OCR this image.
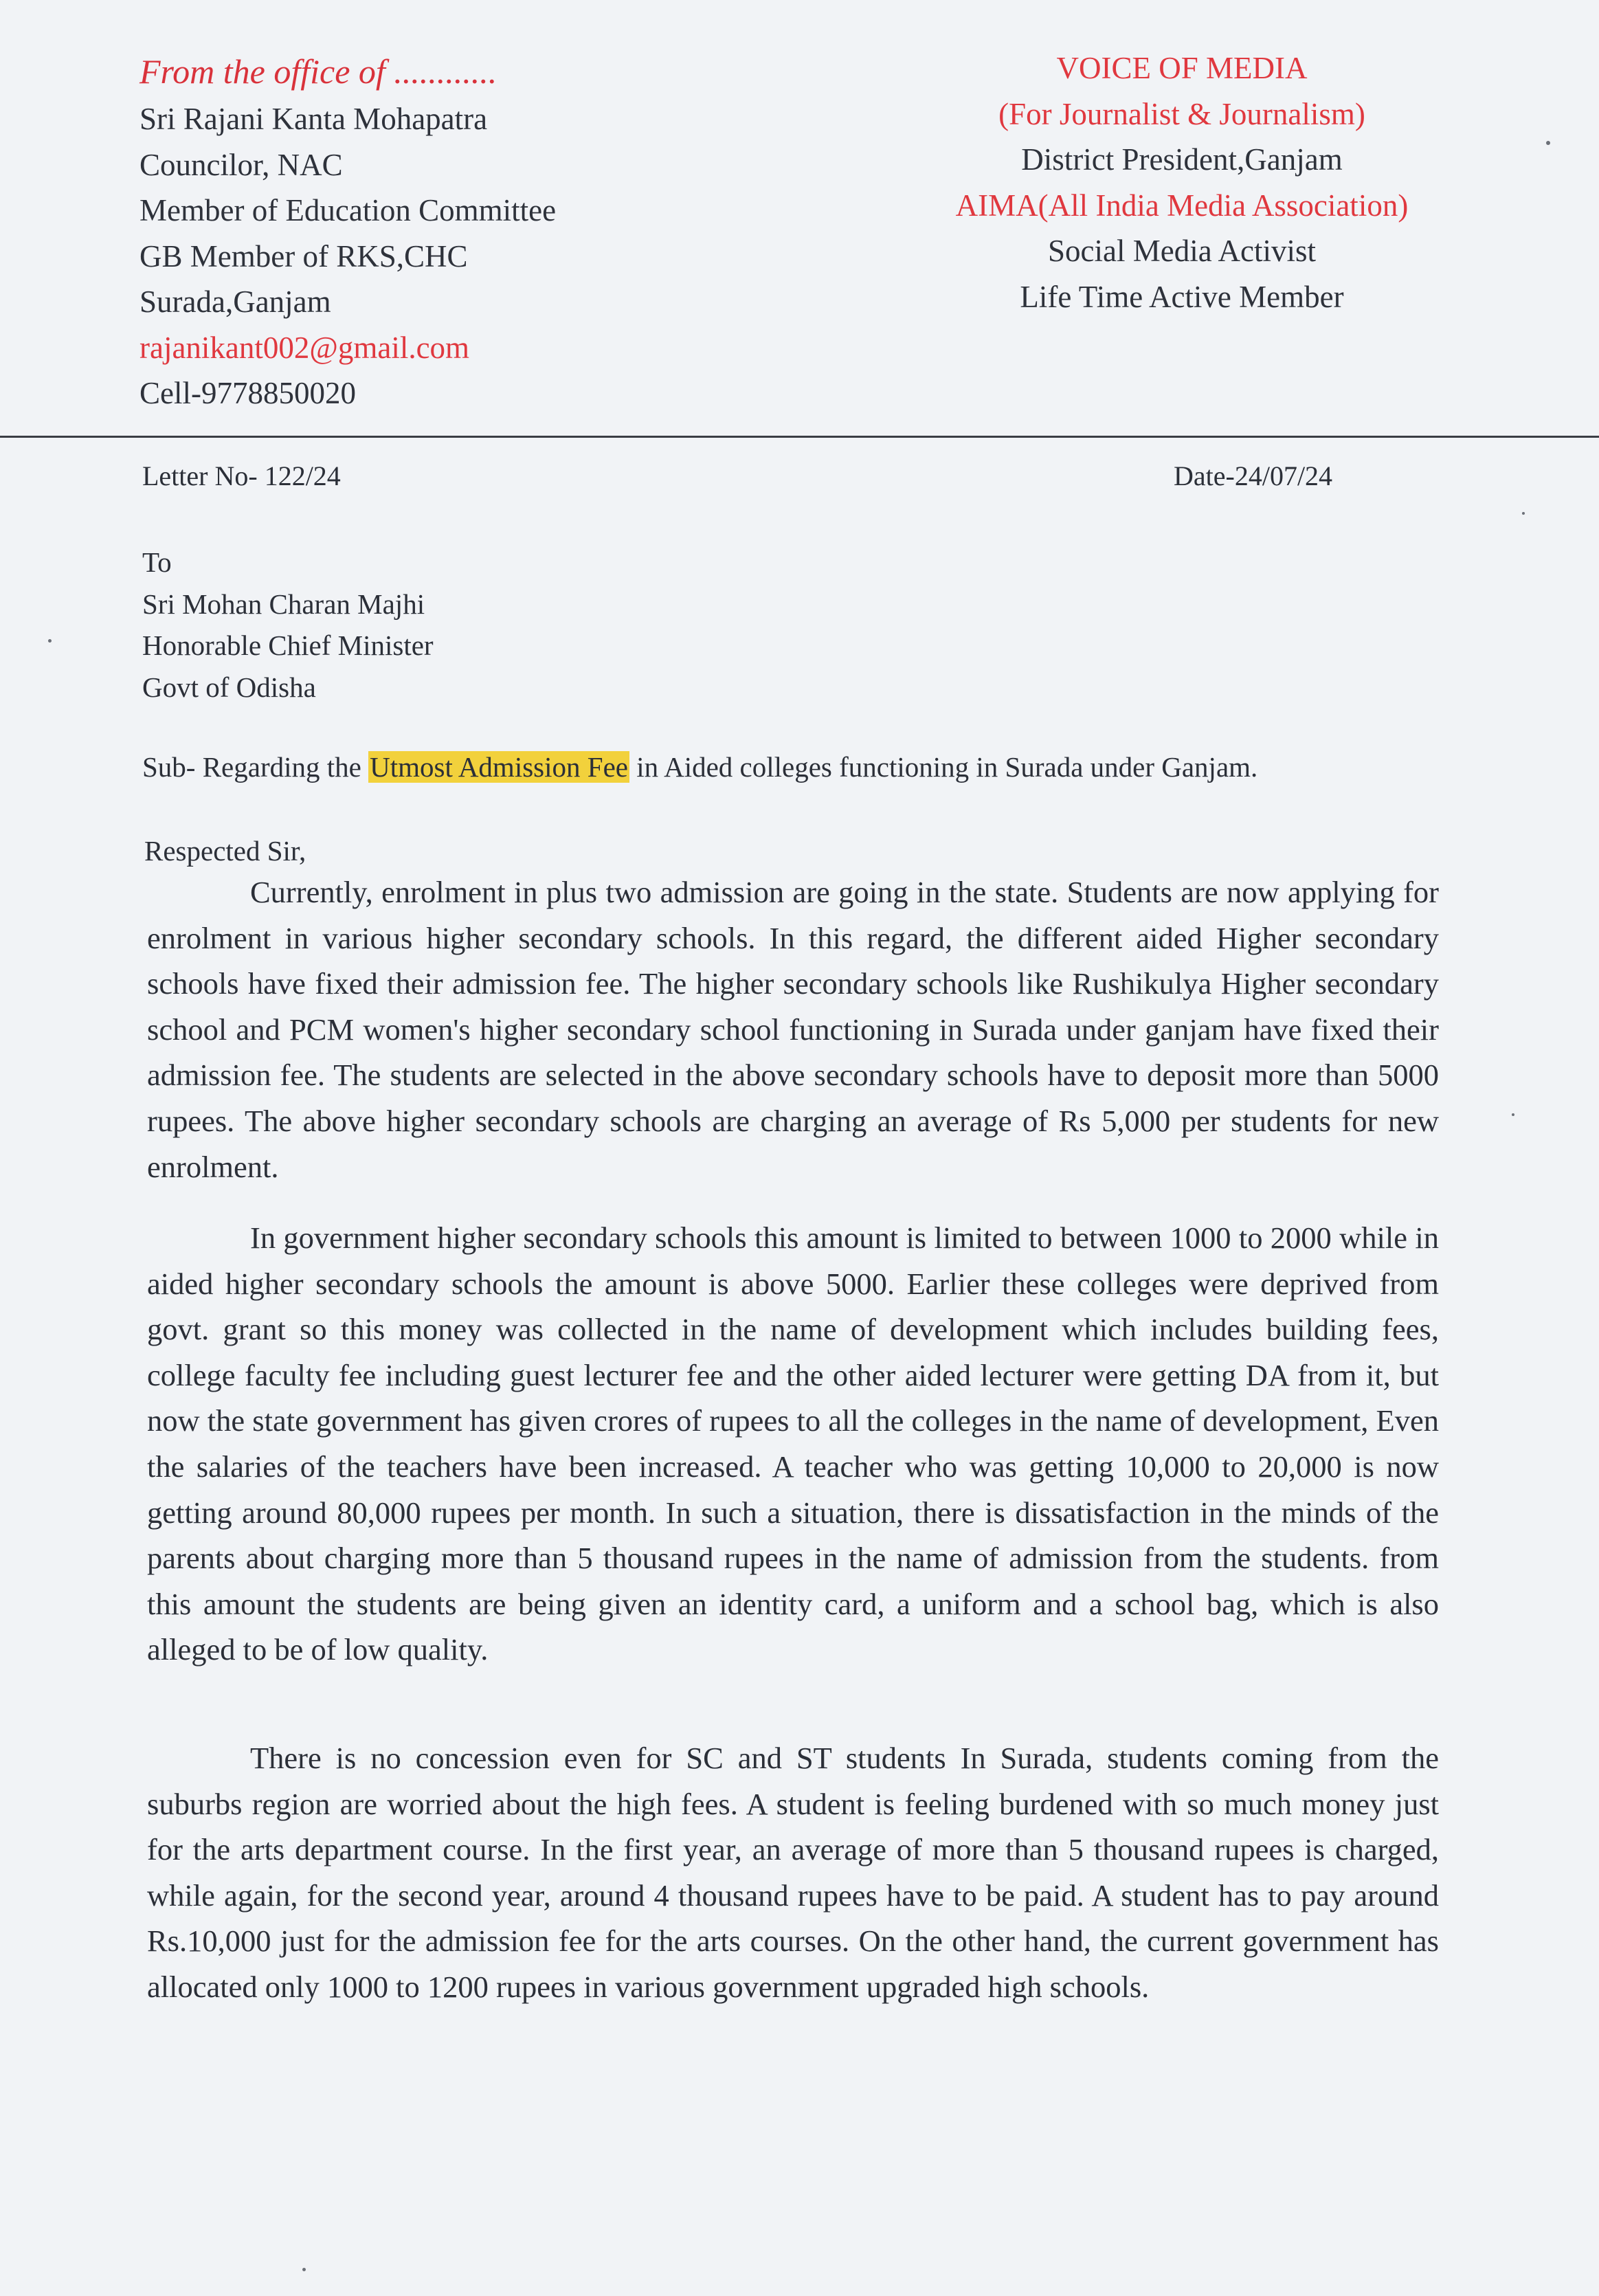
From the office of ............
Sri Rajani Kanta Mohapatra
Councilor, NAC
Member of Education Committee
GB Member of RKS,CHC
Surada,Ganjam
rajanikant002@gmail.com
Cell-9778850020
VOICE OF MEDIA
(For Journalist & Journalism)
District President,Ganjam
AIMA(All India Media Association)
Social Media Activist
Life Time Active Member
Letter No- 122/24	Date-24/07/24
To
Sri Mohan Charan Majhi
Honorable Chief Minister
Govt of Odisha
Sub- Regarding the Utmost Admission Fee in Aided colleges functioning in Surada under Ganjam.
Respected Sir,
Currently, enrolment in plus two admission are going in the state. Students are now applying for enrolment in various higher secondary schools. In this regard, the different aided Higher secondary schools have fixed their admission fee. The higher secondary schools like Rushikulya Higher secondary school and PCM women's higher secondary school functioning in Surada under ganjam have fixed their admission fee. The students are selected in the above secondary schools have to deposit more than 5000 rupees. The above higher secondary schools are charging an average of Rs 5,000 per students for new enrolment.
In government higher secondary schools this amount is limited to between 1000 to 2000 while in aided higher secondary schools the amount is above 5000. Earlier these colleges were deprived from govt. grant so this money was collected in the name of development which includes building fees, college faculty fee including guest lecturer fee and the other aided lecturer were getting DA from it, but now the state government has given crores of rupees to all the colleges in the name of development, Even the salaries of the teachers have been increased. A teacher who was getting 10,000 to 20,000 is now getting around 80,000 rupees per month. In such a situation, there is dissatisfaction in the minds of the parents about charging more than 5 thousand rupees in the name of admission from the students. from this amount the students are being given an identity card, a uniform and a school bag, which is also alleged to be of low quality.
There is no concession even for SC and ST students In Surada, students coming from the suburbs region are worried about the high fees. A student is feeling burdened with so much money just for the arts department course. In the first year, an average of more than 5 thousand rupees is charged, while again, for the second year, around 4 thousand rupees have to be paid. A student has to pay around Rs.10,000 just for the admission fee for the arts courses. On the other hand, the current government has allocated only 1000 to 1200 rupees in various government upgraded high schools.
